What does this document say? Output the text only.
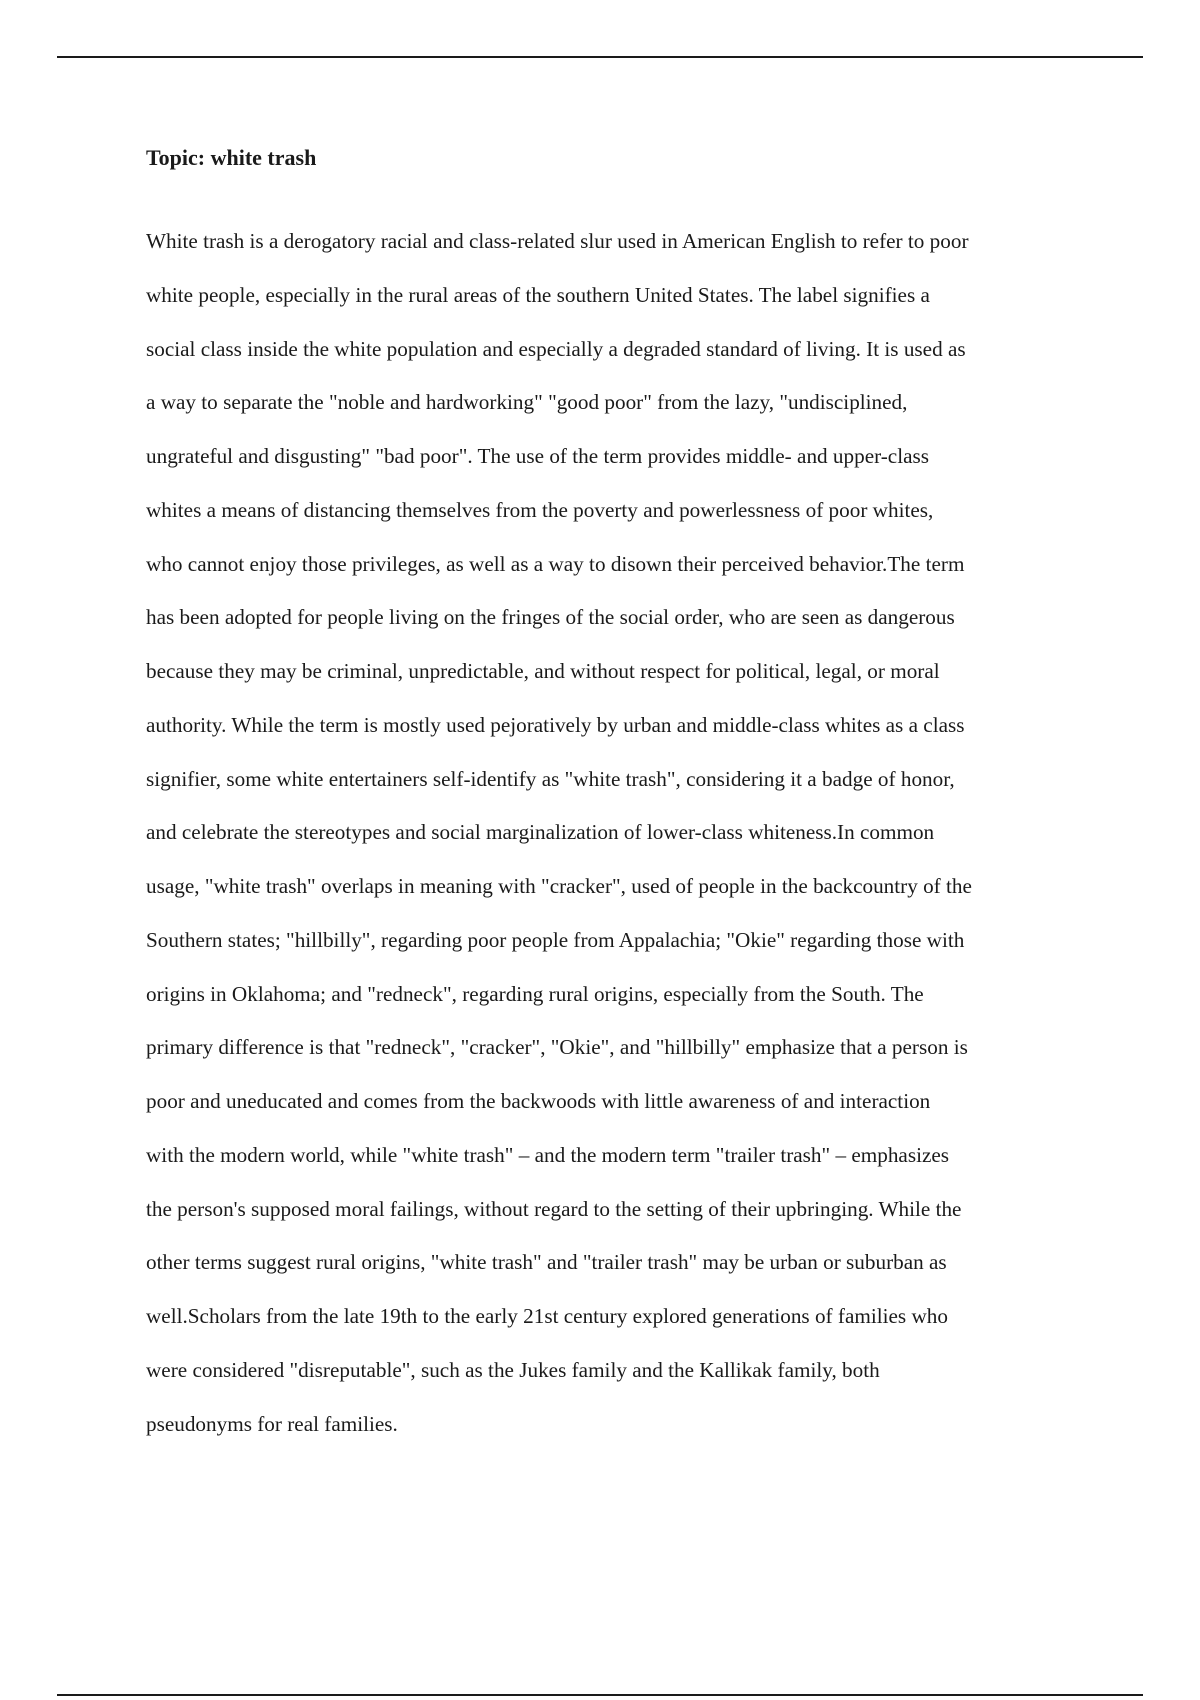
Topic: white trash
White trash is a derogatory racial and class-related slur used in American English to refer to poor
white people, especially in the rural areas of the southern United States. The label signifies a
social class inside the white population and especially a degraded standard of living. It is used as
a way to separate the "noble and hardworking" "good poor" from the lazy, "undisciplined,
ungrateful and disgusting" "bad poor". The use of the term provides middle- and upper-class
whites a means of distancing themselves from the poverty and powerlessness of poor whites,
who cannot enjoy those privileges, as well as a way to disown their perceived behavior.The term
has been adopted for people living on the fringes of the social order, who are seen as dangerous
because they may be criminal, unpredictable, and without respect for political, legal, or moral
authority. While the term is mostly used pejoratively by urban and middle-class whites as a class
signifier, some white entertainers self-identify as "white trash", considering it a badge of honor,
and celebrate the stereotypes and social marginalization of lower-class whiteness.In common
usage, "white trash" overlaps in meaning with "cracker", used of people in the backcountry of the
Southern states; "hillbilly", regarding poor people from Appalachia; "Okie" regarding those with
origins in Oklahoma; and "redneck", regarding rural origins, especially from the South. The
primary difference is that "redneck", "cracker", "Okie", and "hillbilly" emphasize that a person is
poor and uneducated and comes from the backwoods with little awareness of and interaction
with the modern world, while "white trash" – and the modern term "trailer trash" – emphasizes
the person's supposed moral failings, without regard to the setting of their upbringing. While the
other terms suggest rural origins, "white trash" and "trailer trash" may be urban or suburban as
well.Scholars from the late 19th to the early 21st century explored generations of families who
were considered "disreputable", such as the Jukes family and the Kallikak family, both
pseudonyms for real families.
